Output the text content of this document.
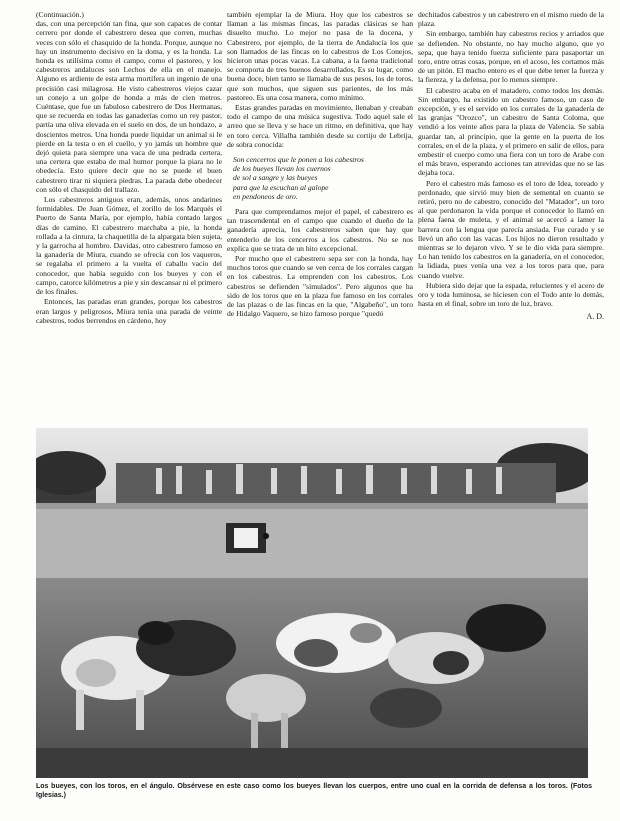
(Continuación.)

das, con una percepción tan fina, que son capaces de contar cerrero por donde el cabestrero desea que corren, muchas veces con sólo el chasquido de la honda. Porque, aunque no hay un instrumento decisivo en la doma, y es la honda. La honda es utilísima como el campo, como el pastoreo, y los cabestreros andaluces son Lechos de ella en el manejo. Alguno es ardiente de esta arma mortífera un ingenio de una precisión casi milagrosa. He visto cabestreros viejos cazar un conejo a un golpe de honda a más de cien metros. Cuéntase, que fue un fabuloso cabestrero de Dos Hermanas, que se recuerda en todas las ganaderías como un rey pastor, partía una oliva elevada en el suelo en dos, de un hondazo, a doscientos metros. Una honda puede liquidar un animal si le pierde en la testa o en el cuello, y yo jamás un hombre que dejó quieta para siempre una vaca de una pedrada certera, una certera que estaba de mal humor porque la piara no le obedecía. Esto quiere decir que no se puede el buen cabestrero tirar ni siquiera piedras. La parada debe obedecer con sólo el chasquido del trallazo.

Los cabestreros antiguos eran, además, unos andarines formidables. De Juan Gómez, el zorillo de los Marqués el Puerto de Santa María, por ejemplo, había contado largos días de camino. El cabestrero marchaba a pie, la honda rollada a la cintura, la chaquetilla de la alpargata bien sujeta, y la garrocha al hombro. Davidas, otro cabestrero famoso en la ganadería de Miura, cuando se ofrecía con los vaqueros, se regalaba el primero a la vuelta el caballo vacío del conocedor, que había seguido con los bueyes y con el campo, catorce kilómetros a pie y sin descansar ni el primero de los finales.

Entonces, las paradas eran grandes, porque los cabestros eran largos y peligrosos, Miura tenía una parada de veinte cabestros, todos berrendos en cárdeno, hoy

también ejemplar la de Miura. Hoy que los cabestros se llaman a las mismas fincas, las paradas clásicas se han disuelto mucho. Lo mejor no pasa de la docena, y Cabestrero, por ejemplo, de la tierra de Andalucía los que son llamados de las fincas en lo cabestros de Los Conejos, hicieron unas pocas vacas. La cabana, a la faena tradicional se comporta de tres buenos desarrollados, Es su lugar, como buena doce, bien tanto se llamaba de sus pesos, los de toros, que son muchos, que siguen sus parientes, de los más pastoreo. Es una cosa manera, como mínimo.

Estas grandes paradas en movimiento, llenaban y creaban todo el campo de una música sugestiva. Todo aquel sale el arreo que se lleva y se hace un ritmo, en definitiva, que hay en toro cerca. Villalba también desde su cortijo de Lebrija, de sobra conocida:

Son cencerros que le ponen a los cabestros
de los bueyes llevan los cuernos
de sol a sangre y las bueyes
para que la escuchan al galope
en pendoneos de oro.

Para que comprendamos mejor el papel, el cabestrero es tan trascendental en el campo que cuando el dueño de la ganadería aprecia, los cabestreros saben que hay que entenderlo de los cencerros a los cabestros. No se nos explica que se trata de un hito excepcional.

Por mucho que el cabestrero sepa ser con la honda, hay muchos toros que cuando se ven cerca de los corrales cargan en los cabestros. La emprenden con los cabestros. Los cabestros se defienden "simulados". Pero algunos que ha sido de los toros que en la plaza fue famoso en los corrales de las plazas o de las fincas en la que, "Algabeño", un toro de Hidalgo Vaquero, se hizo famoso porque "quedó

dechitados cabestros y un cabestrero en el mismo ruedo de la plaza.

Sin embargo, también hay cabestros recios y arriados que se defienden. No obstante, no hay mucho alguno, que yo sepa, que haya tenido fuerza suficiente para pasaportar un toro, entre otras cosas, porque, en el acoso, les cortamos más de un pitón. El macho entero es el que debe tener la fuerza y la fiereza, y la defensa, por lo menos siempre.

El cabestro acaba en el matadero, como todos los demás. Sin embargo, ha existido un cabestro famoso, un caso de excepción, y es el servido en los corrales de la ganadería de las granjas "Orozco", un cabestro de Santa Coloma, que vendió a los veinte años para la plaza de Valencia. Se sabía guardar tan, al principio, que la gente en la puerta de los corrales, en el de la plaza, y el primero en salir de ellos, para embestir el cuerpo como una fiera con un toro de Arabe con el más bravo, esperando acciones tan atrevidas que no se las dejaba toca.

Pero el cabestro más famoso es el toro de Idea, toreado y perdonado, que sirvió muy bien de semental en cuanto se retiró, pero no de cabestro, conocido del "Matador", un toro al que perdonaron la vida porque el conocedor lo llamó en plena faena de muleta, y el animal se acercó a lamer la barrera con la lengua que parecía ansiada. Fue curado y se llevó un año con las vacas. Los hijos no dieron resultado y mientras se lo dejaron vivo. Y se le dio vida para siempre. Lo han tenido los cabestros en la ganadería, en el conocedor, la lidiada, pues venía una vez a los toros para que, para cuando vuelve.

Hubiera sido dejar que la espada, relucientes y el acero de oro y toda luminosa, se hiciesen con el Todo ante lo demás, hasta en el final, sobre un toro de luz, bravo.

A. D.
Los bueyes, con los toros, en el ángulo. Obsérvese en este caso como los bueyes llevan los cuerpos, entre uno cual en la corrida de defensa a los toros. (Fotos Iglesias.)
